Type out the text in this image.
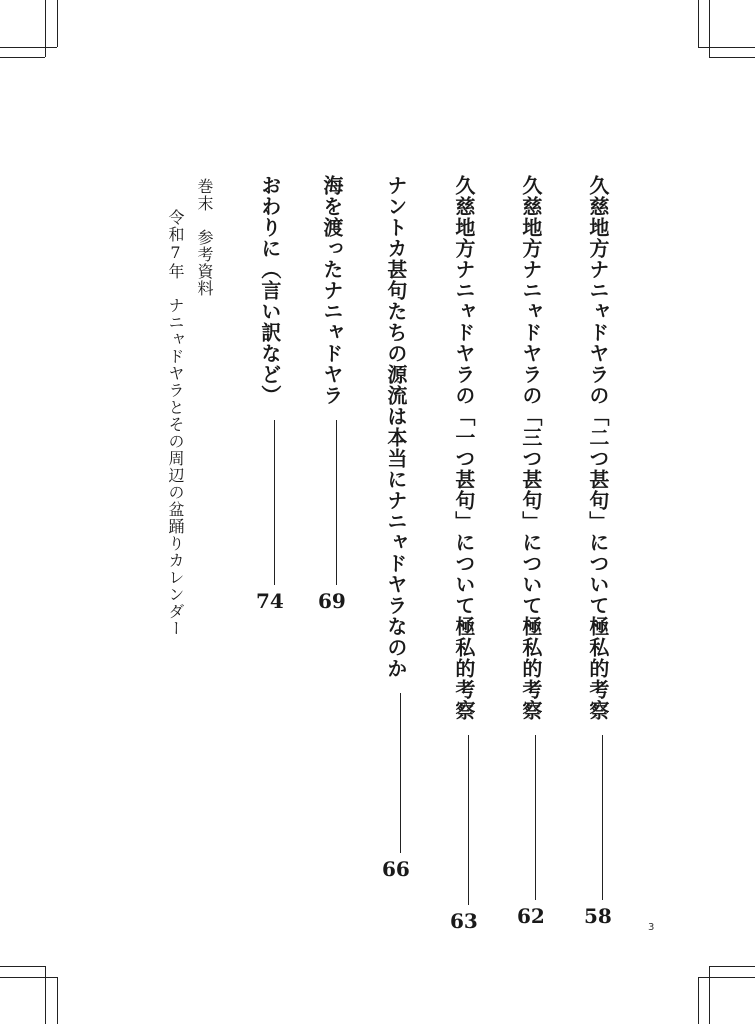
久慈地方ナニャドヤラの「二つ甚句」について極私的考察58
久慈地方ナニャドヤラの「三つ甚句」について極私的考察62
久慈地方ナニャドヤラの「一つ甚句」について極私的考察63
ナントカ甚句たちの源流は本当にナニャドヤラなのか66
海を渡ったナニャドヤラ69
おわりに（言い訳など）74
巻末　参考資料
令和7年　ナニャドヤラとその周辺の盆踊りカレンダー
3
